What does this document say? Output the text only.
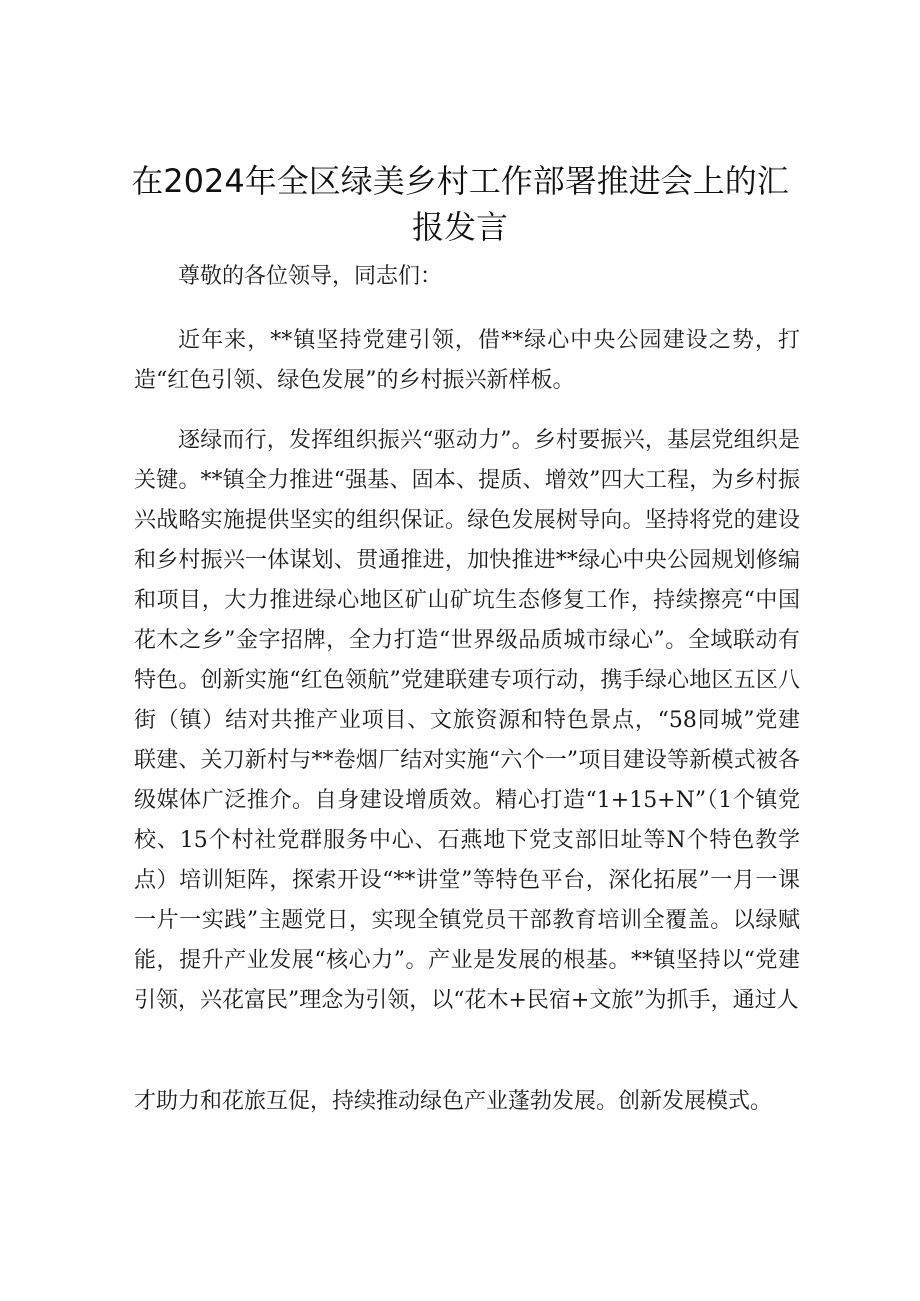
在2024年全区绿美乡村工作部署推进会上的汇报发言

尊敬的各位领导，同志们：

近年来，**镇坚持党建引领，借**绿心中央公园建设之势，打造“红色引领、绿色发展”的乡村振兴新样板。

逐绿而行，发挥组织振兴“驱动力”。乡村要振兴，基层党组织是关键。**镇全力推进“强基、固本、提质、增效”四大工程，为乡村振兴战略实施提供坚实的组织保证。绿色发展树导向。坚持将党的建设和乡村振兴一体谋划、贯通推进，加快推进**绿心中央公园规划修编和项目，大力推进绿心地区矿山矿坑生态修复工作，持续擦亮“中国花木之乡”金字招牌，全力打造“世界级品质城市绿心”。全域联动有特色。创新实施“红色领航”党建联建专项行动，携手绿心地区五区八街（镇）结对共推产业项目、文旅资源和特色景点，“58同城”党建联建、关刀新村与**卷烟厂结对实施“六个一”项目建设等新模式被各级媒体广泛推介。自身建设增质效。精心打造“1+15+N”（1个镇党校、15个村社党群服务中心、石燕地下党支部旧址等N个特色教学点）培训矩阵，探索开设“**讲堂”等特色平台，深化拓展”一月一课一片一实践”主题党日，实现全镇党员干部教育培训全覆盖。以绿赋能，提升产业发展“核心力”。产业是发展的根基。**镇坚持以“党建引领，兴花富民”理念为引领，以“花木+民宿+文旅”为抓手，通过人

才助力和花旅互促，持续推动绿色产业蓬勃发展。创新发展模式。
